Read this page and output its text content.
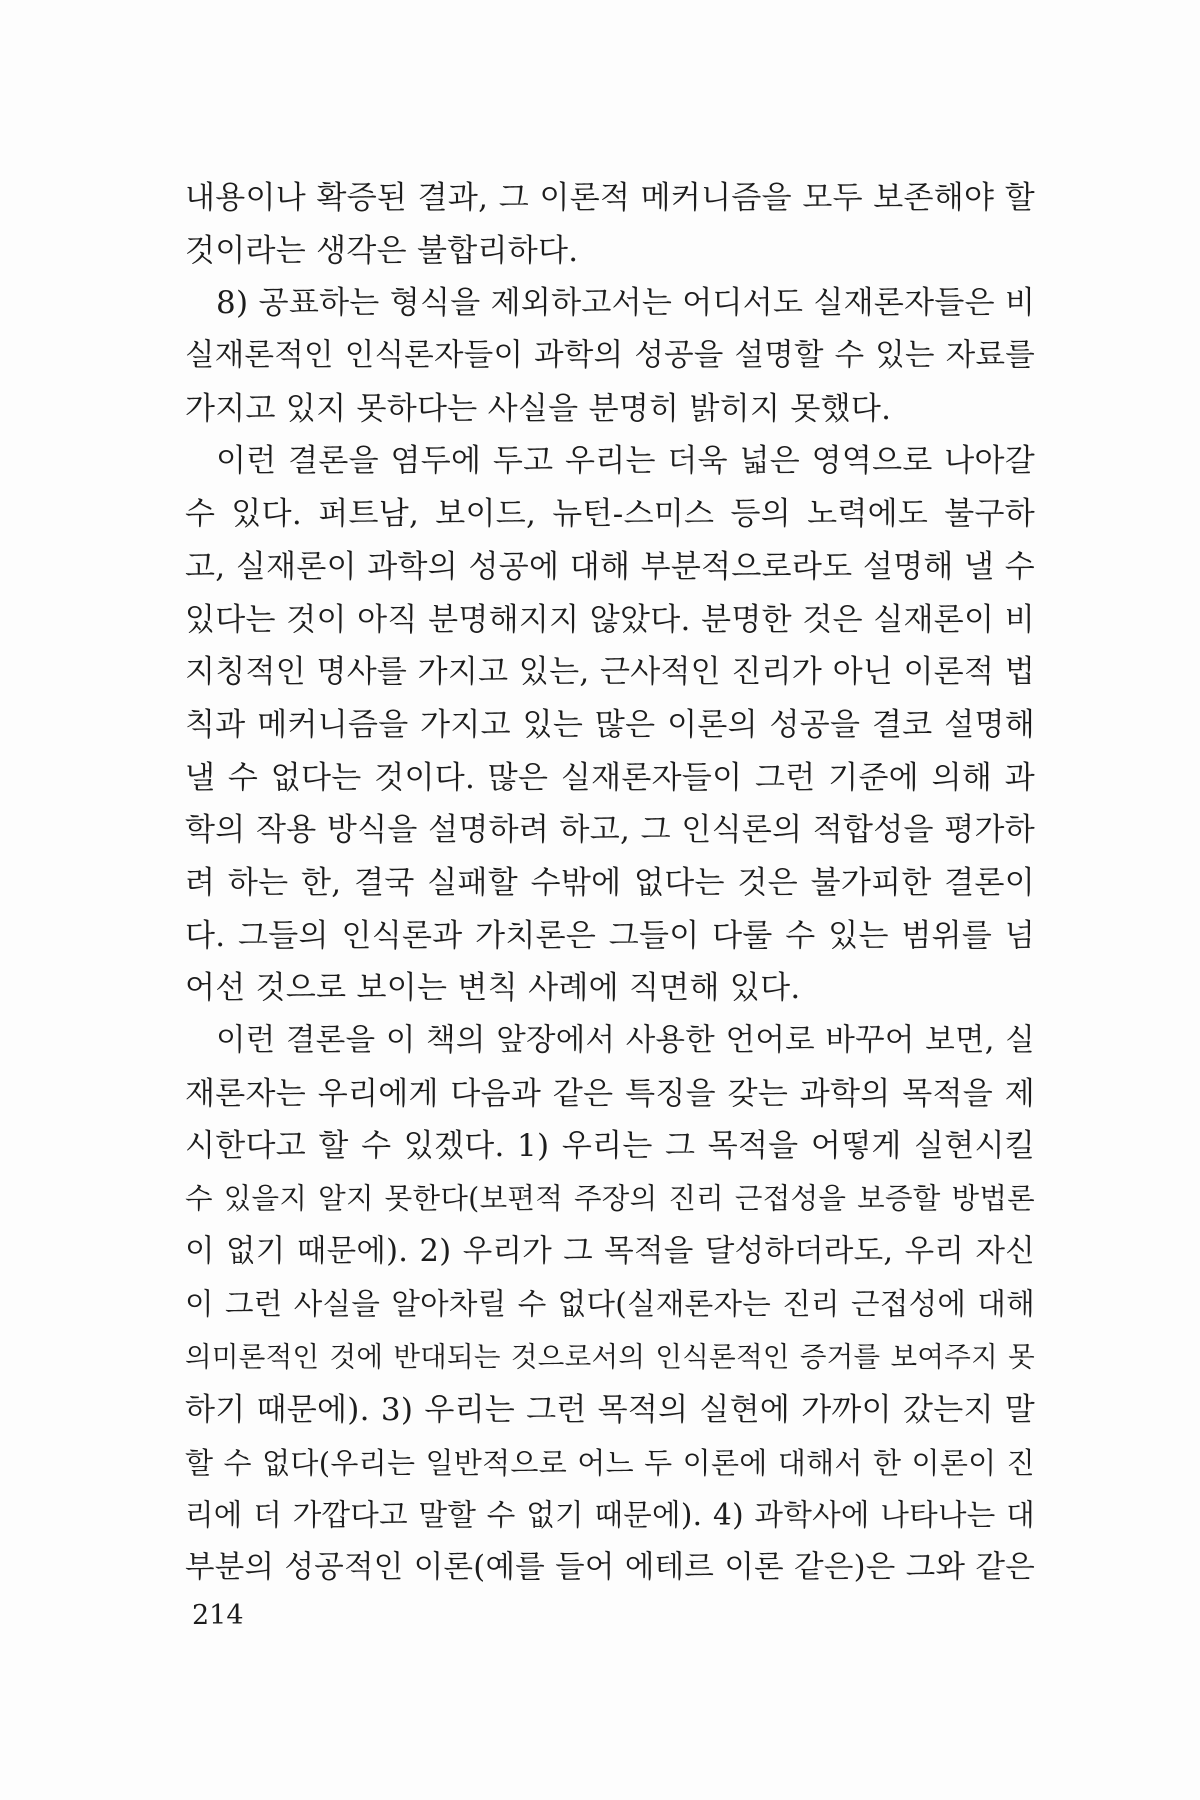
내용이나 확증된 결과, 그 이론적 메커니즘을 모두 보존해야 할
것이라는 생각은 불합리하다.
8) 공표하는 형식을 제외하고서는 어디서도 실재론자들은 비
실재론적인 인식론자들이 과학의 성공을 설명할 수 있는 자료를
가지고 있지 못하다는 사실을 분명히 밝히지 못했다.
이런 결론을 염두에 두고 우리는 더욱 넓은 영역으로 나아갈
수 있다. 퍼트남, 보이드, 뉴턴-스미스 등의 노력에도 불구하
고, 실재론이 과학의 성공에 대해 부분적으로라도 설명해 낼 수
있다는 것이 아직 분명해지지 않았다. 분명한 것은 실재론이 비
지칭적인 명사를 가지고 있는, 근사적인 진리가 아닌 이론적 법
칙과 메커니즘을 가지고 있는 많은 이론의 성공을 결코 설명해
낼 수 없다는 것이다. 많은 실재론자들이 그런 기준에 의해 과
학의 작용 방식을 설명하려 하고, 그 인식론의 적합성을 평가하
려 하는 한, 결국 실패할 수밖에 없다는 것은 불가피한 결론이
다. 그들의 인식론과 가치론은 그들이 다룰 수 있는 범위를 넘
어선 것으로 보이는 변칙 사례에 직면해 있다.
이런 결론을 이 책의 앞장에서 사용한 언어로 바꾸어 보면, 실
재론자는 우리에게 다음과 같은 특징을 갖는 과학의 목적을 제
시한다고 할 수 있겠다. 1) 우리는 그 목적을 어떻게 실현시킬
수 있을지 알지 못한다(보편적 주장의 진리 근접성을 보증할 방법론
이 없기 때문에). 2) 우리가 그 목적을 달성하더라도, 우리 자신
이 그런 사실을 알아차릴 수 없다(실재론자는 진리 근접성에 대해
의미론적인 것에 반대되는 것으로서의 인식론적인 증거를 보여주지 못
하기 때문에). 3) 우리는 그런 목적의 실현에 가까이 갔는지 말
할 수 없다(우리는 일반적으로 어느 두 이론에 대해서 한 이론이 진
리에 더 가깝다고 말할 수 없기 때문에). 4) 과학사에 나타나는 대
부분의 성공적인 이론(예를 들어 에테르 이론 같은)은 그와 같은
214
